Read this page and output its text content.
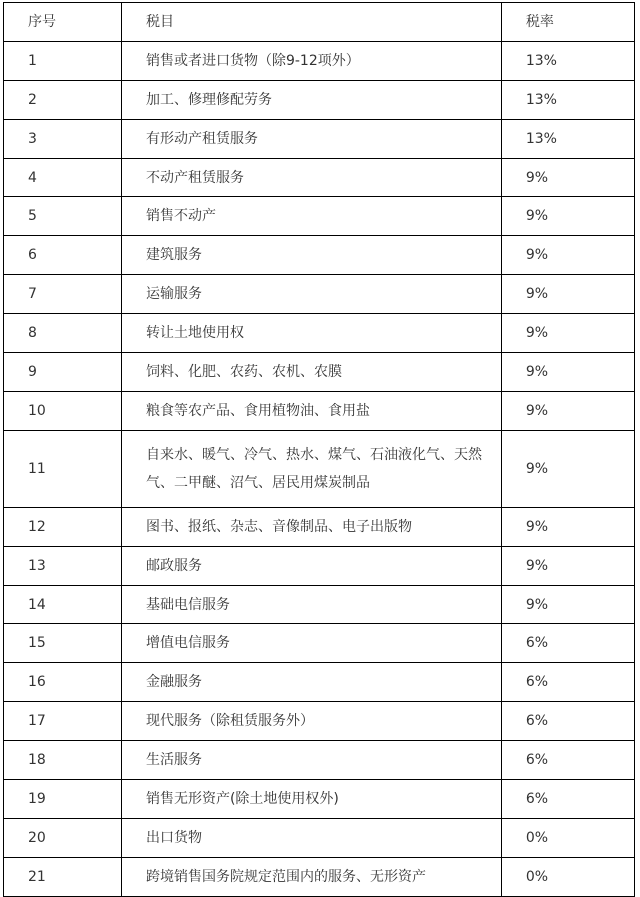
序号	税目	税率
1	销售或者进口货物（除9-12项外）	13%
2	加工、修理修配劳务	13%
3	有形动产租赁服务	13%
4	不动产租赁服务	9%
5	销售不动产	9%
6	建筑服务	9%
7	运输服务	9%
8	转让土地使用权	9%
9	饲料、化肥、农药、农机、农膜	9%
10	粮食等农产品、食用植物油、食用盐	9%
11	自来水、暖气、冷气、热水、煤气、石油液化气、天然气、二甲醚、沼气、居民用煤炭制品	9%
12	图书、报纸、杂志、音像制品、电子出版物	9%
13	邮政服务	9%
14	基础电信服务	9%
15	增值电信服务	6%
16	金融服务	6%
17	现代服务（除租赁服务外）	6%
18	生活服务	6%
19	销售无形资产(除土地使用权外)	6%
20	出口货物	0%
21	跨境销售国务院规定范围内的服务、无形资产	0%
